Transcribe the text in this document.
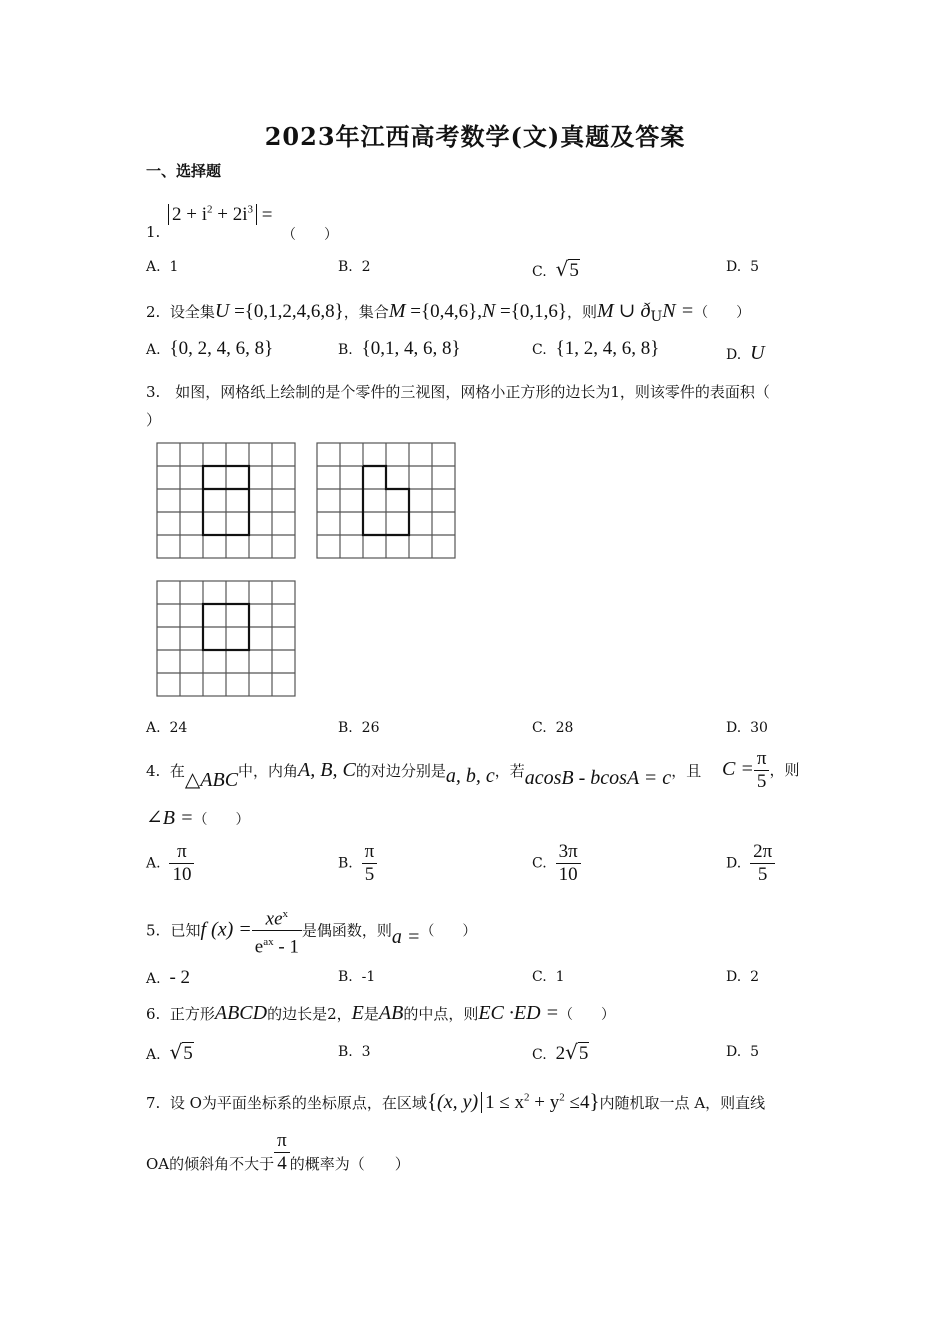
2023年江西高考数学(文)真题及答案
一、选择题
1.
$2 + i^2 + 2i^3$ =
（　　）
A. 1	B. 2	C. √5	D. 5
2. 设全集U ={0,1,2,4,6,8}，集合M ={0,4,6},N ={0,1,6}，则M ∪ $ð_UN$ =（　　）
A. {0, 2, 4, 6, 8}	B. {0,1, 4, 6, 8}	C. {1, 2, 4, 6, 8}	D. U
3.　如图，网格纸上绘制的是个零件的三视图，网格小正方形的边长为1，则该零件的表面积（
）
A. 24	B. 26	C. 28	D. 30
4. 在△ABC中，内角A, B, C的对边分别是a, b, c，若acosB - bcosA = c，且 $C = \frac{\pi}{5}$ ，则
∠B =（　　）
A. $\frac{\pi}{10}$	B. $\frac{\pi}{5}$	C. $\frac{3\pi}{10}$	D. $\frac{2\pi}{5}$
5. 已知f $(x) = \frac{xe^x}{e^{ax} - 1}$ 是偶函数，则a =（　　）
A. - 2	B. -1	C. 1	D. 2
6. 正方形ABCD的边长是2，E是AB的中点，则EC ·ED =（　　）
A. √5	B. 3	C. 2√5	D. 5
7. 设 O为平面坐标系的坐标原点，在区域{(x, y) $1 \le x^2 + y^2 \le 4$}内随机取一点 A，则直线
OA的倾斜角不大于 $\frac{\pi}{4}$ 的概率为（　　）
